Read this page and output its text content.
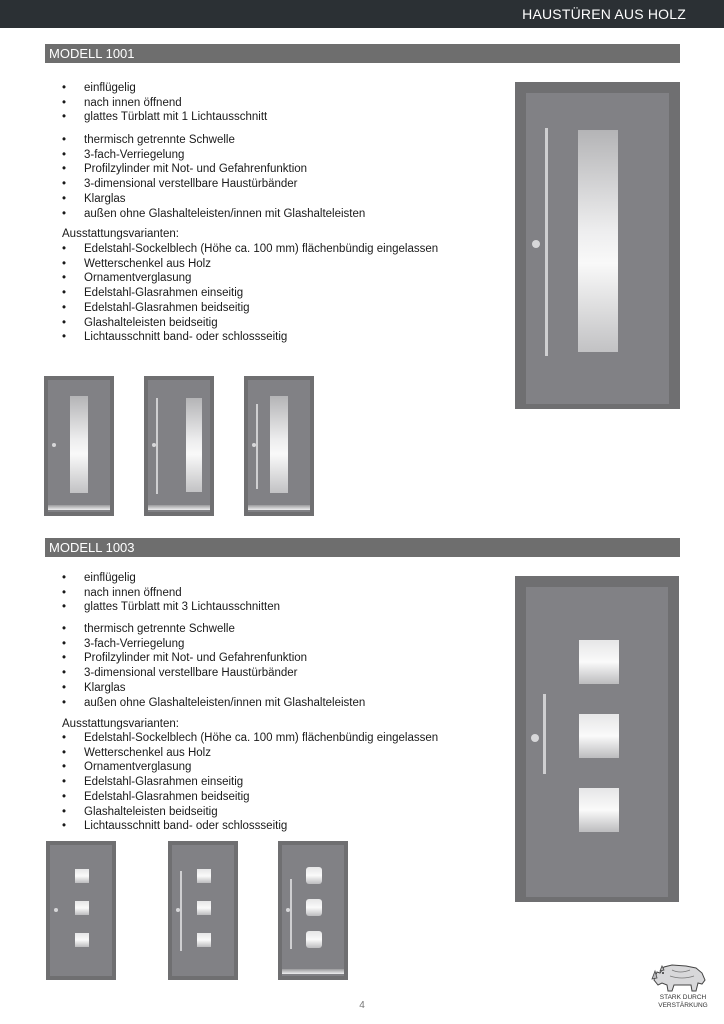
HAUSTÜREN AUS HOLZ
MODELL 1001
• einflügelig
• nach innen öffnend
• glattes Türblatt mit 1 Lichtausschnitt
• thermisch getrennte Schwelle
• 3-fach-Verriegelung
• Profilzylinder mit Not- und Gefahrenfunktion
• 3-dimensional verstellbare Haustürbänder
• Klarglas
• außen ohne Glashalteleisten/innen mit Glashalteleisten
Ausstattungsvarianten:
• Edelstahl-Sockelblech (Höhe ca. 100 mm) flächenbündig eingelassen
• Wetterschenkel aus Holz
• Ornamentverglasung
• Edelstahl-Glasrahmen einseitig
• Edelstahl-Glasrahmen beidseitig
• Glashalteleisten beidseitig
• Lichtausschnitt band- oder schlossseitig
MODELL 1003
• einflügelig
• nach innen öffnend
• glattes Türblatt mit 3 Lichtausschnitten
• thermisch getrennte Schwelle
• 3-fach-Verriegelung
• Profilzylinder mit Not- und Gefahrenfunktion
• 3-dimensional verstellbare Haustürbänder
• Klarglas
• außen ohne Glashalteleisten/innen mit Glashalteleisten
Ausstattungsvarianten:
• Edelstahl-Sockelblech (Höhe ca. 100 mm) flächenbündig eingelassen
• Wetterschenkel aus Holz
• Ornamentverglasung
• Edelstahl-Glasrahmen einseitig
• Edelstahl-Glasrahmen beidseitig
• Glashalteleisten beidseitig
• Lichtausschnitt band- oder schlossseitig
4
STARK DURCH
VERSTÄRKUNG
